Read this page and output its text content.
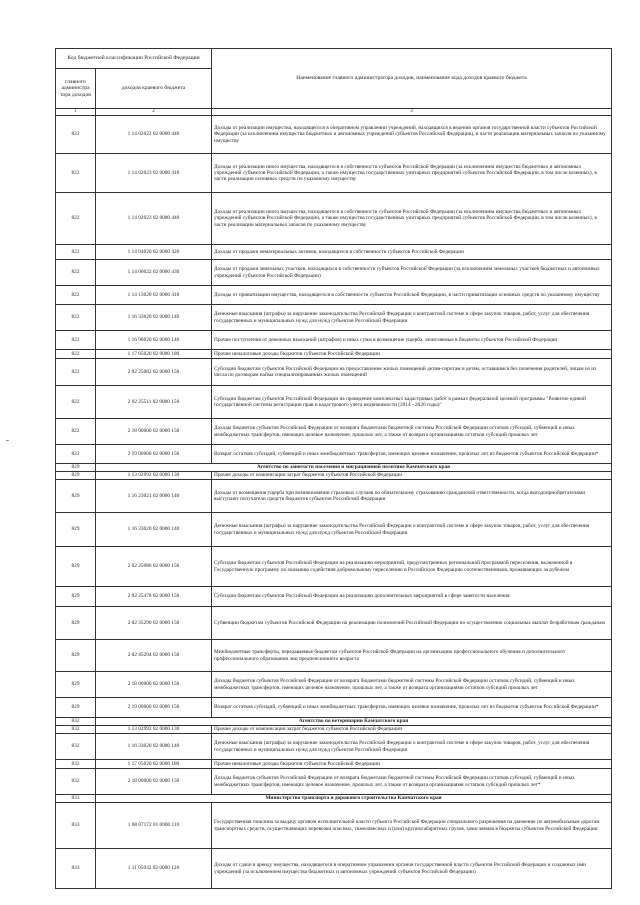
Код бюджетной классификации Российской Федерации		Наименование главного администратора доходов, наименование кода доходов краевого бюджета
главного администра тора доходов	доходов краевого бюджета	
1	2	3
822	1 14 02022 02 0000 440	Доходы от реализации имущества, находящегося в оперативном управлении учреждений, находящихся в ведении органов государственной власти субъектов Российской Федерации (за исключением имущества бюджетных и автономных учреждений субъектов Российской Федерации), в части реализации материальных запасов по указанному имуществу
822	1 14 02023 02 0000 410	Доходы от реализации иного имущества, находящегося в собственности субъектов Российской Федерации (за исключением имущества бюджетных и автономных учреждений субъектов Российской Федерации, а также имущества государственных унитарных предприятий субъектов Российской Федерации, в том числе казенных), в части реализации основных средств по указанному имуществу
822	1 14 02023 02 0000 440	Доходы от реализации иного имущества, находящегося в собственности субъектов Российской Федерации (за исключением имущества бюджетных и автономных учреждений субъектов Российской Федерации, а также имущества государственных унитарных предприятий субъектов Российской Федерации, в том числе казенных), в части реализации материальных запасов по указанному имуществу
822	1 14 04020 02 0000 420	Доходы от продажи нематериальных активов, находящихся в собственности субъектов Российской Федерации
822	1 14 06022 02 0000 430	Доходы от продажи земельных участков, находящихся в собственности субъектов Российской Федерации (за исключением земельных участков бюджетных и автономных учреждений субъектов Российской Федерации)
822	1 14 13020 02 0000 410	Доходы от приватизации имущества, находящегося в собственности субъектов Российской Федерации, в части приватизации основных средств по указанному имуществу
822	1 16 33020 02 0000 140	Денежные взыскания (штрафы) за нарушение законодательства Российской Федерации о контрактной системе в сфере закупок товаров, работ, услуг для обеспечения государственных и муниципальных нужд для нужд субъектов Российской Федерации
822	1 16 90020 02 0000 140	Прочие поступления от денежных взысканий (штрафов) и иных сумм в возмещение ущерба, зачисляемые в бюджеты субъектов Российской Федерации
822	1 17 05020 02 0000 180	Прочие неналоговые доходы бюджетов субъектов Российской Федерации
822	2 02 25082 02 0000 150	Субсидии бюджетам субъектов Российской Федерации на предоставление жилых помещений детям-сиротам и детям, оставшимся без попечения родителей, лицам из их числа по договорам найма специализированных жилых помещений
822	2 02 25511 02 0000 150	Субсидии бюджетам субъектов Российской Федерации на проведение комплексных кадастровых работ в рамках федеральной целевой программы "Развитие единой государственной системы регистрации прав и кадастрового учета недвижимости (2014 - 2020 годы)"
822	2 18 00000 02 0000 150	Доходы бюджетов субъектов Российской Федерации от возврата бюджетами бюджетной системы Российской Федерации остатков субсидий, субвенций и иных межбюджетных трансфертов, имеющих целевое назначение, прошлых лет, а также от возврата организациями остатков субсидий прошлых лет
822	2 19 00000 02 0000 150	Возврат остатков субсидий, субвенций и иных межбюджетных трансфертов, имеющих целевое назначение, прошлых лет из бюджетов субъектов Российской Федерации*
829	Агентство по занятости населения и миграционной политике Камчатского края	
829	1 13 02992 02 0000 130	Прочие доходы от компенсации затрат бюджетов субъектов Российской Федерации
829	1 16 23021 02 0000 140	Доходы от возмещения ущерба при возникновении страховых случаев по обязательному страхованию гражданской ответственности, когда выгодоприобретателями выступают получатели средств бюджетов субъектов Российской Федерации
829	1 16 33020 02 0000 140	Денежные взыскания (штрафы) за нарушение законодательства Российской Федерации о контрактной системе в сфере закупок товаров, работ, услуг для обеспечения государственных и муниципальных нужд для нужд субъектов Российской Федерации
829	2 02 25086 02 0000 150	Субсидии бюджетам субъектов Российской Федерации на реализацию мероприятий, предусмотренных региональной программой переселения, включенной в Государственную программу по оказанию содействия добровольному переселению в Российскую Федерацию соотечественников, проживающих за рубежом
829	2 02 25478 02 0000 150	Субсидии бюджетам субъектов Российской Федерации на реализацию дополнительных мероприятий в сфере занятости населения
829	2 02 35290 02 0000 150	Субвенции бюджетам субъектов Российской Федерации на реализацию полномочий Российской Федерации по осуществлению социальных выплат безработным гражданам
829	2 02 45294 02 0000 150	Межбюджетные трансферты, передаваемые бюджетам субъектов Российской Федерации на организацию профессионального обучения и дополнительного профессионального образования лиц предпенсионного возраста
829	2 18 00000 02 0000 150	Доходы бюджетов субъектов Российской Федерации от возврата бюджетами бюджетной системы Российской Федерации остатков субсидий, субвенций и иных межбюджетных трансфертов, имеющих целевое назначение, прошлых лет, а также от возврата организациями остатков субсидий прошлых лет
829	2 19 00000 02 0000 150	Возврат остатков субсидий, субвенций и иных межбюджетных трансфертов, имеющих целевое назначение, прошлых лет из бюджетов субъектов Российской Федерации*
832	Агентство по ветеринарии Камчатского края	
832	1 13 02992 02 0000 130	Прочие доходы от компенсации затрат бюджетов субъектов Российской Федерации
832	1 16 33020 02 0000 140	Денежные взыскания (штрафы) за нарушение законодательства Российской Федерации о контрактной системе в сфере закупок товаров, работ, услуг для обеспечения государственных и муниципальных нужд для нужд субъектов Российской Федерации
832	1 17 05020 02 0000 180	Прочие неналоговые доходы бюджетов субъектов Российской Федерации
832	2 18 00000 02 0000 150	Доходы бюджетов субъектов Российской Федерации от возврата бюджетами бюджетной системы Российской Федерации остатков субсидий, субвенций и иных межбюджетных трансфертов, имеющих целевое назначение, прошлых лет, а также от возврата организациями остатков субсидий прошлых лет*
833	Министерство транспорта и дорожного строительства Камчатского края	
833	1 08 07172 01 0000 110	Государственная пошлина за выдачу органом исполнительной власти субъекта Российской Федерации специального разрешения на движение по автомобильным дорогам транспортных средств, осуществляющих перевозки опасных, тяжеловесных и (или) крупногабаритных грузов, зачисляемая в бюджеты субъектов Российской Федерации
833	1 11 05032 02 0000 120	Доходы от сдачи в аренду имущества, находящегося в оперативном управлении органов государственной власти субъектов Российской Федерации и созданных ими учреждений (за исключением имущества бюджетных и автономных учреждений субъектов Российской Федерации)
